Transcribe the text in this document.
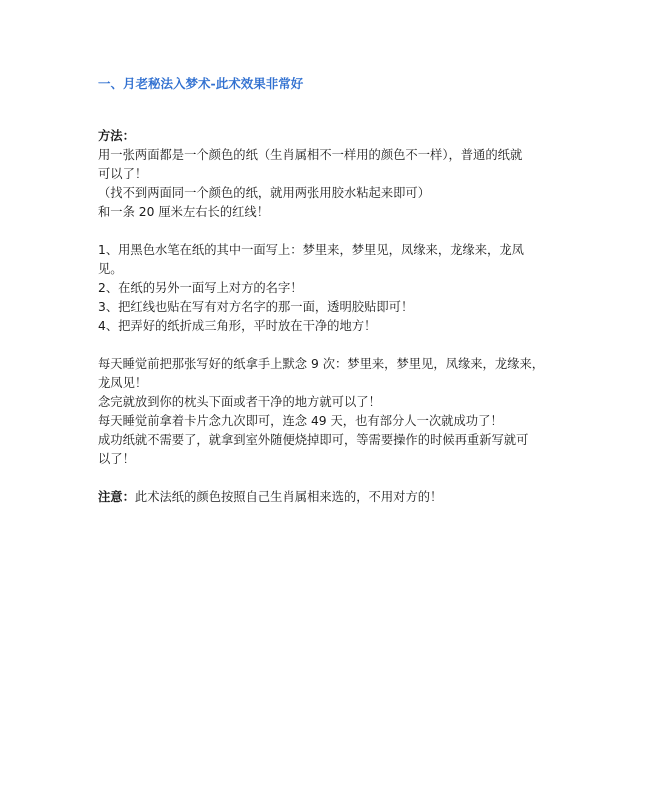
一、月老秘法入梦术-此术效果非常好

方法：

用一张两面都是一个颜色的纸（生肖属相不一样用的颜色不一样），普通的纸就

可以了！

（找不到两面同一个颜色的纸，就用两张用胶水粘起来即可）

和一条 20 厘米左右长的红线！

1、用黑色水笔在纸的其中一面写上：梦里来，梦里见，凤缘来，龙缘来，龙凤

见。

2、在纸的另外一面写上对方的名字！

3、把红线也贴在写有对方名字的那一面，透明胶贴即可！

4、把弄好的纸折成三角形，平时放在干净的地方！

每天睡觉前把那张写好的纸拿手上默念 9 次：梦里来，梦里见，凤缘来，龙缘来，

龙凤见！

念完就放到你的枕头下面或者干净的地方就可以了！

每天睡觉前拿着卡片念九次即可，连念 49 天，也有部分人一次就成功了！

成功纸就不需要了，就拿到室外随便烧掉即可，等需要操作的时候再重新写就可

以了！

注意：此术法纸的颜色按照自己生肖属相来选的，不用对方的！
